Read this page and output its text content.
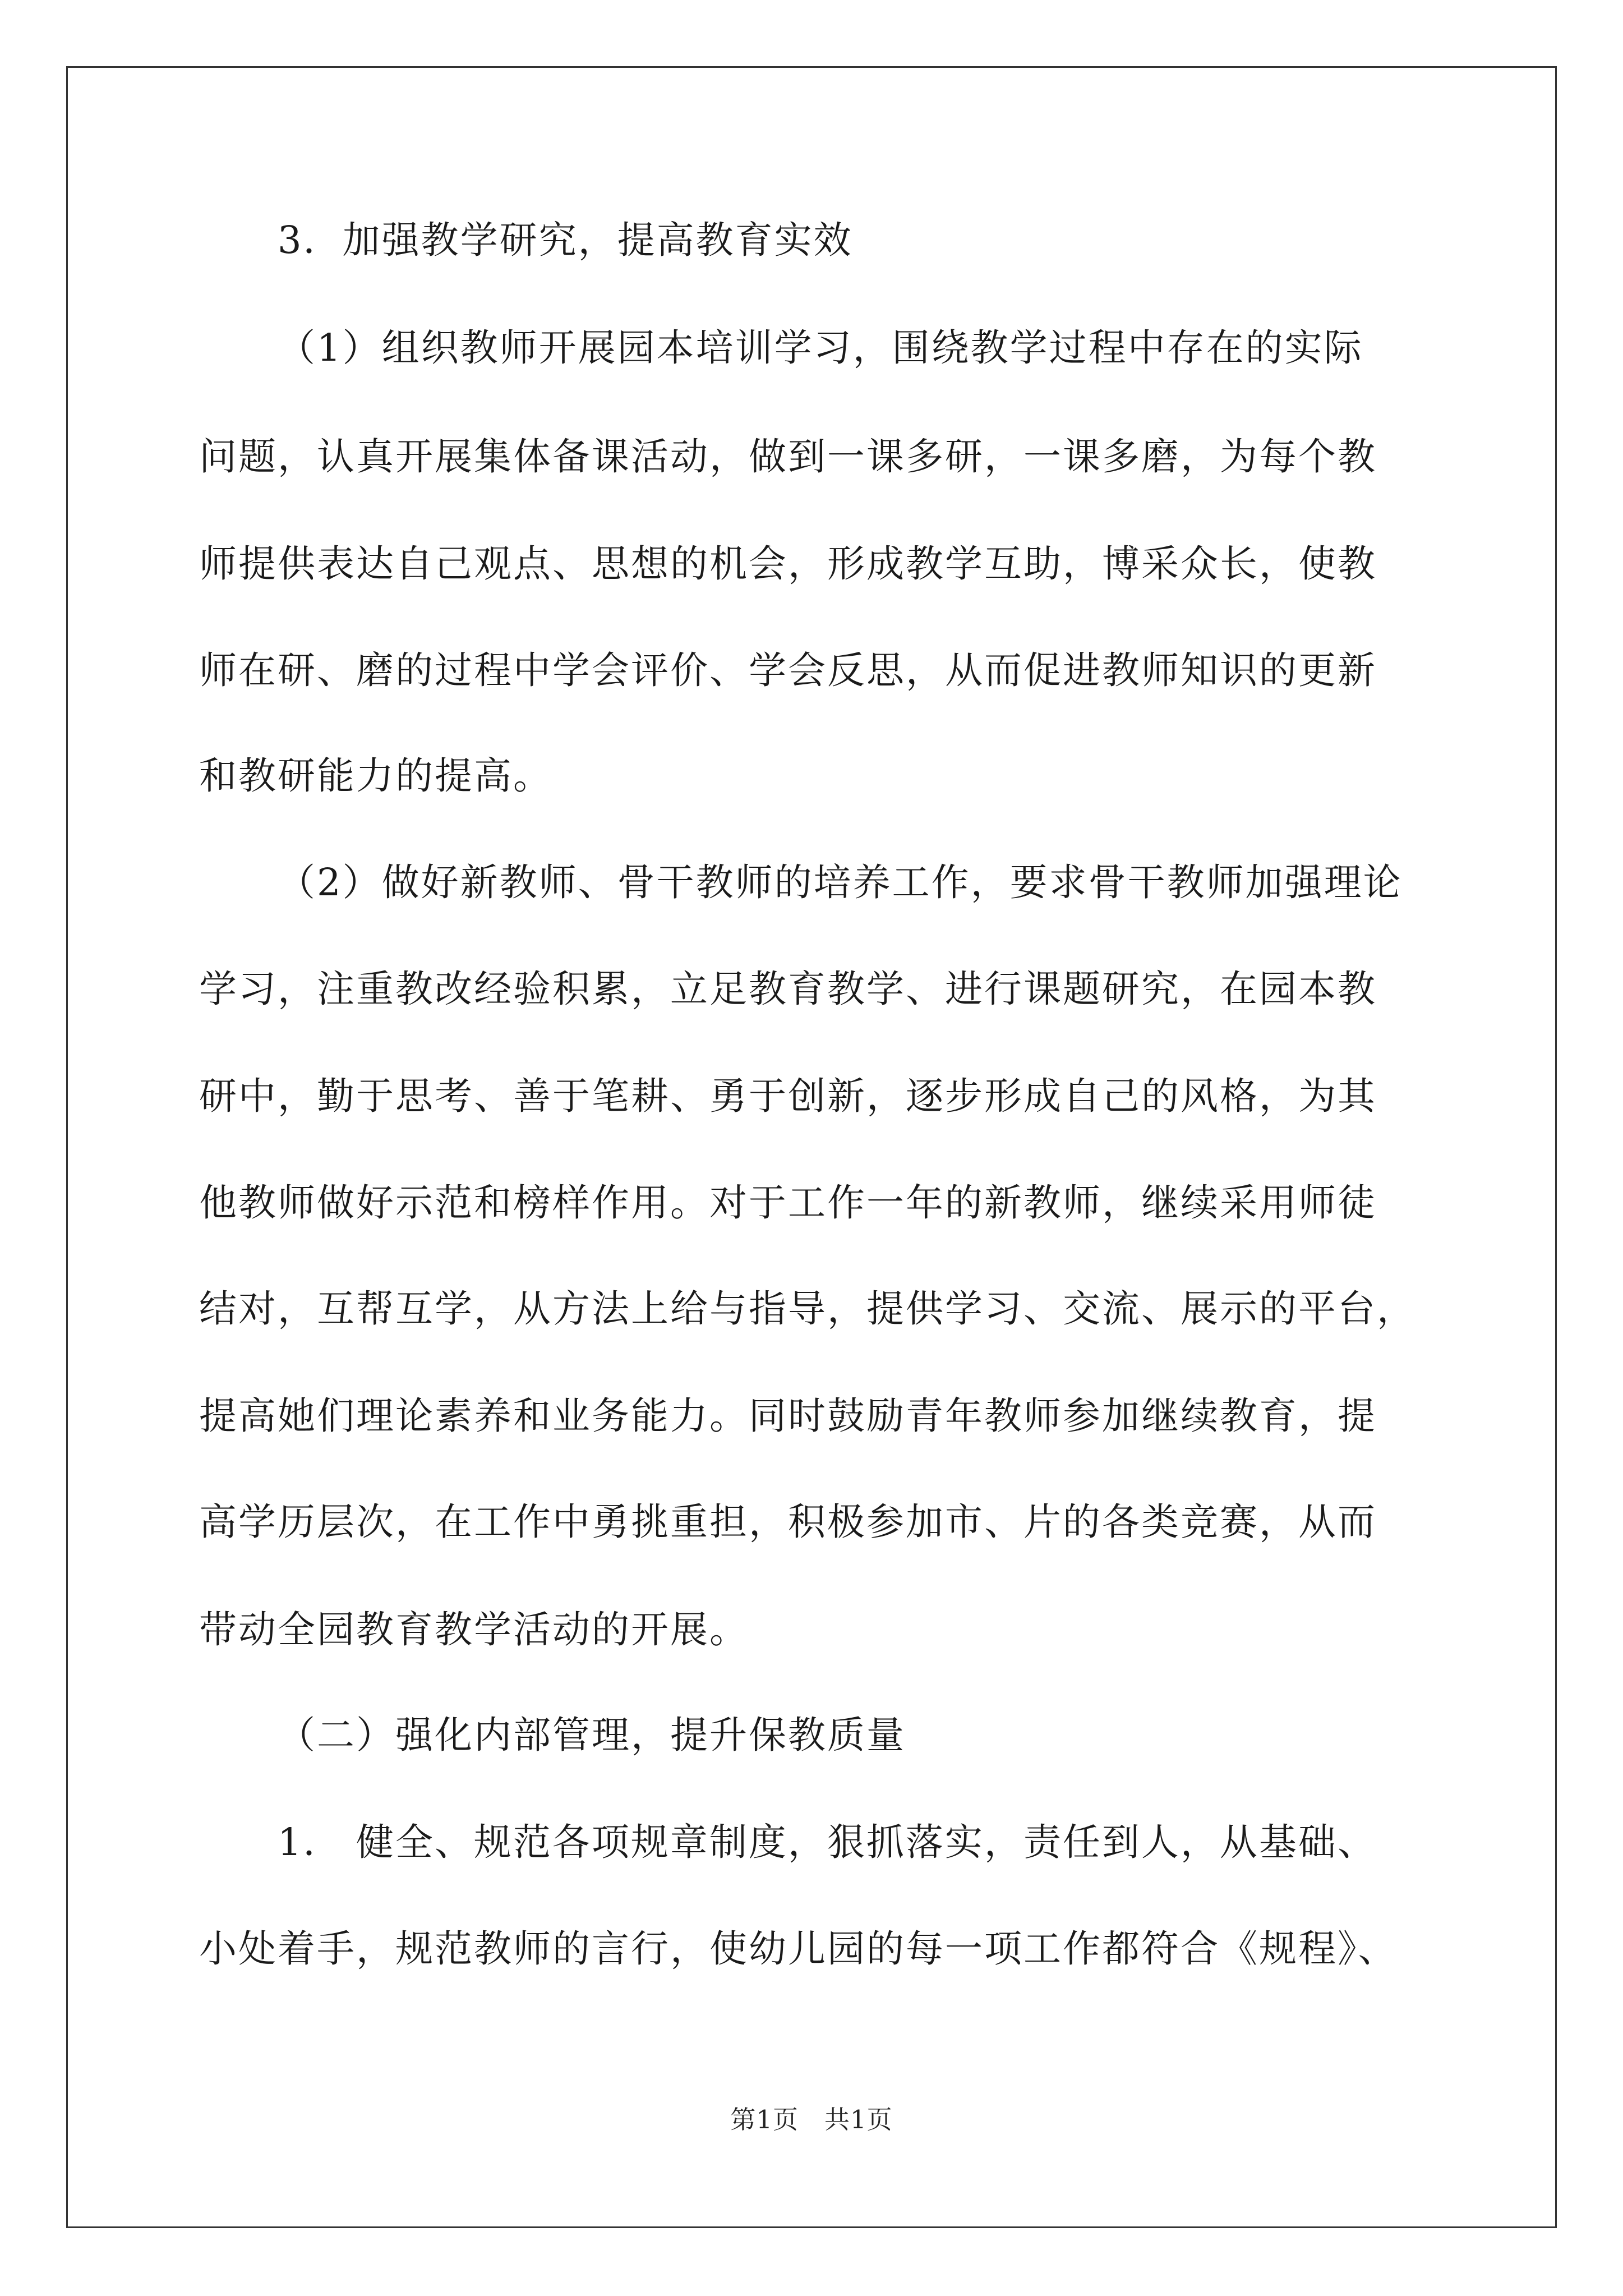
3．加强教学研究，提高教育实效
（1）组织教师开展园本培训学习，围绕教学过程中存在的实际
问题，认真开展集体备课活动，做到一课多研，一课多磨，为每个教
师提供表达自己观点、思想的机会，形成教学互助，博采众长，使教
师在研、磨的过程中学会评价、学会反思，从而促进教师知识的更新
和教研能力的提高。
（2）做好新教师、骨干教师的培养工作，要求骨干教师加强理论
学习，注重教改经验积累，立足教育教学、进行课题研究，在园本教
研中，勤于思考、善于笔耕、勇于创新，逐步形成自己的风格，为其
他教师做好示范和榜样作用。对于工作一年的新教师，继续采用师徒
结对，互帮互学，从方法上给与指导，提供学习、交流、展示的平台，
提高她们理论素养和业务能力。同时鼓励青年教师参加继续教育，提
高学历层次，在工作中勇挑重担，积极参加市、片的各类竞赛，从而
带动全园教育教学活动的开展。
（二）强化内部管理，提升保教质量
1． 健全、规范各项规章制度，狠抓落实，责任到人，从基础、
小处着手，规范教师的言行，使幼儿园的每一项工作都符合《规程》、
第1页　共1页
